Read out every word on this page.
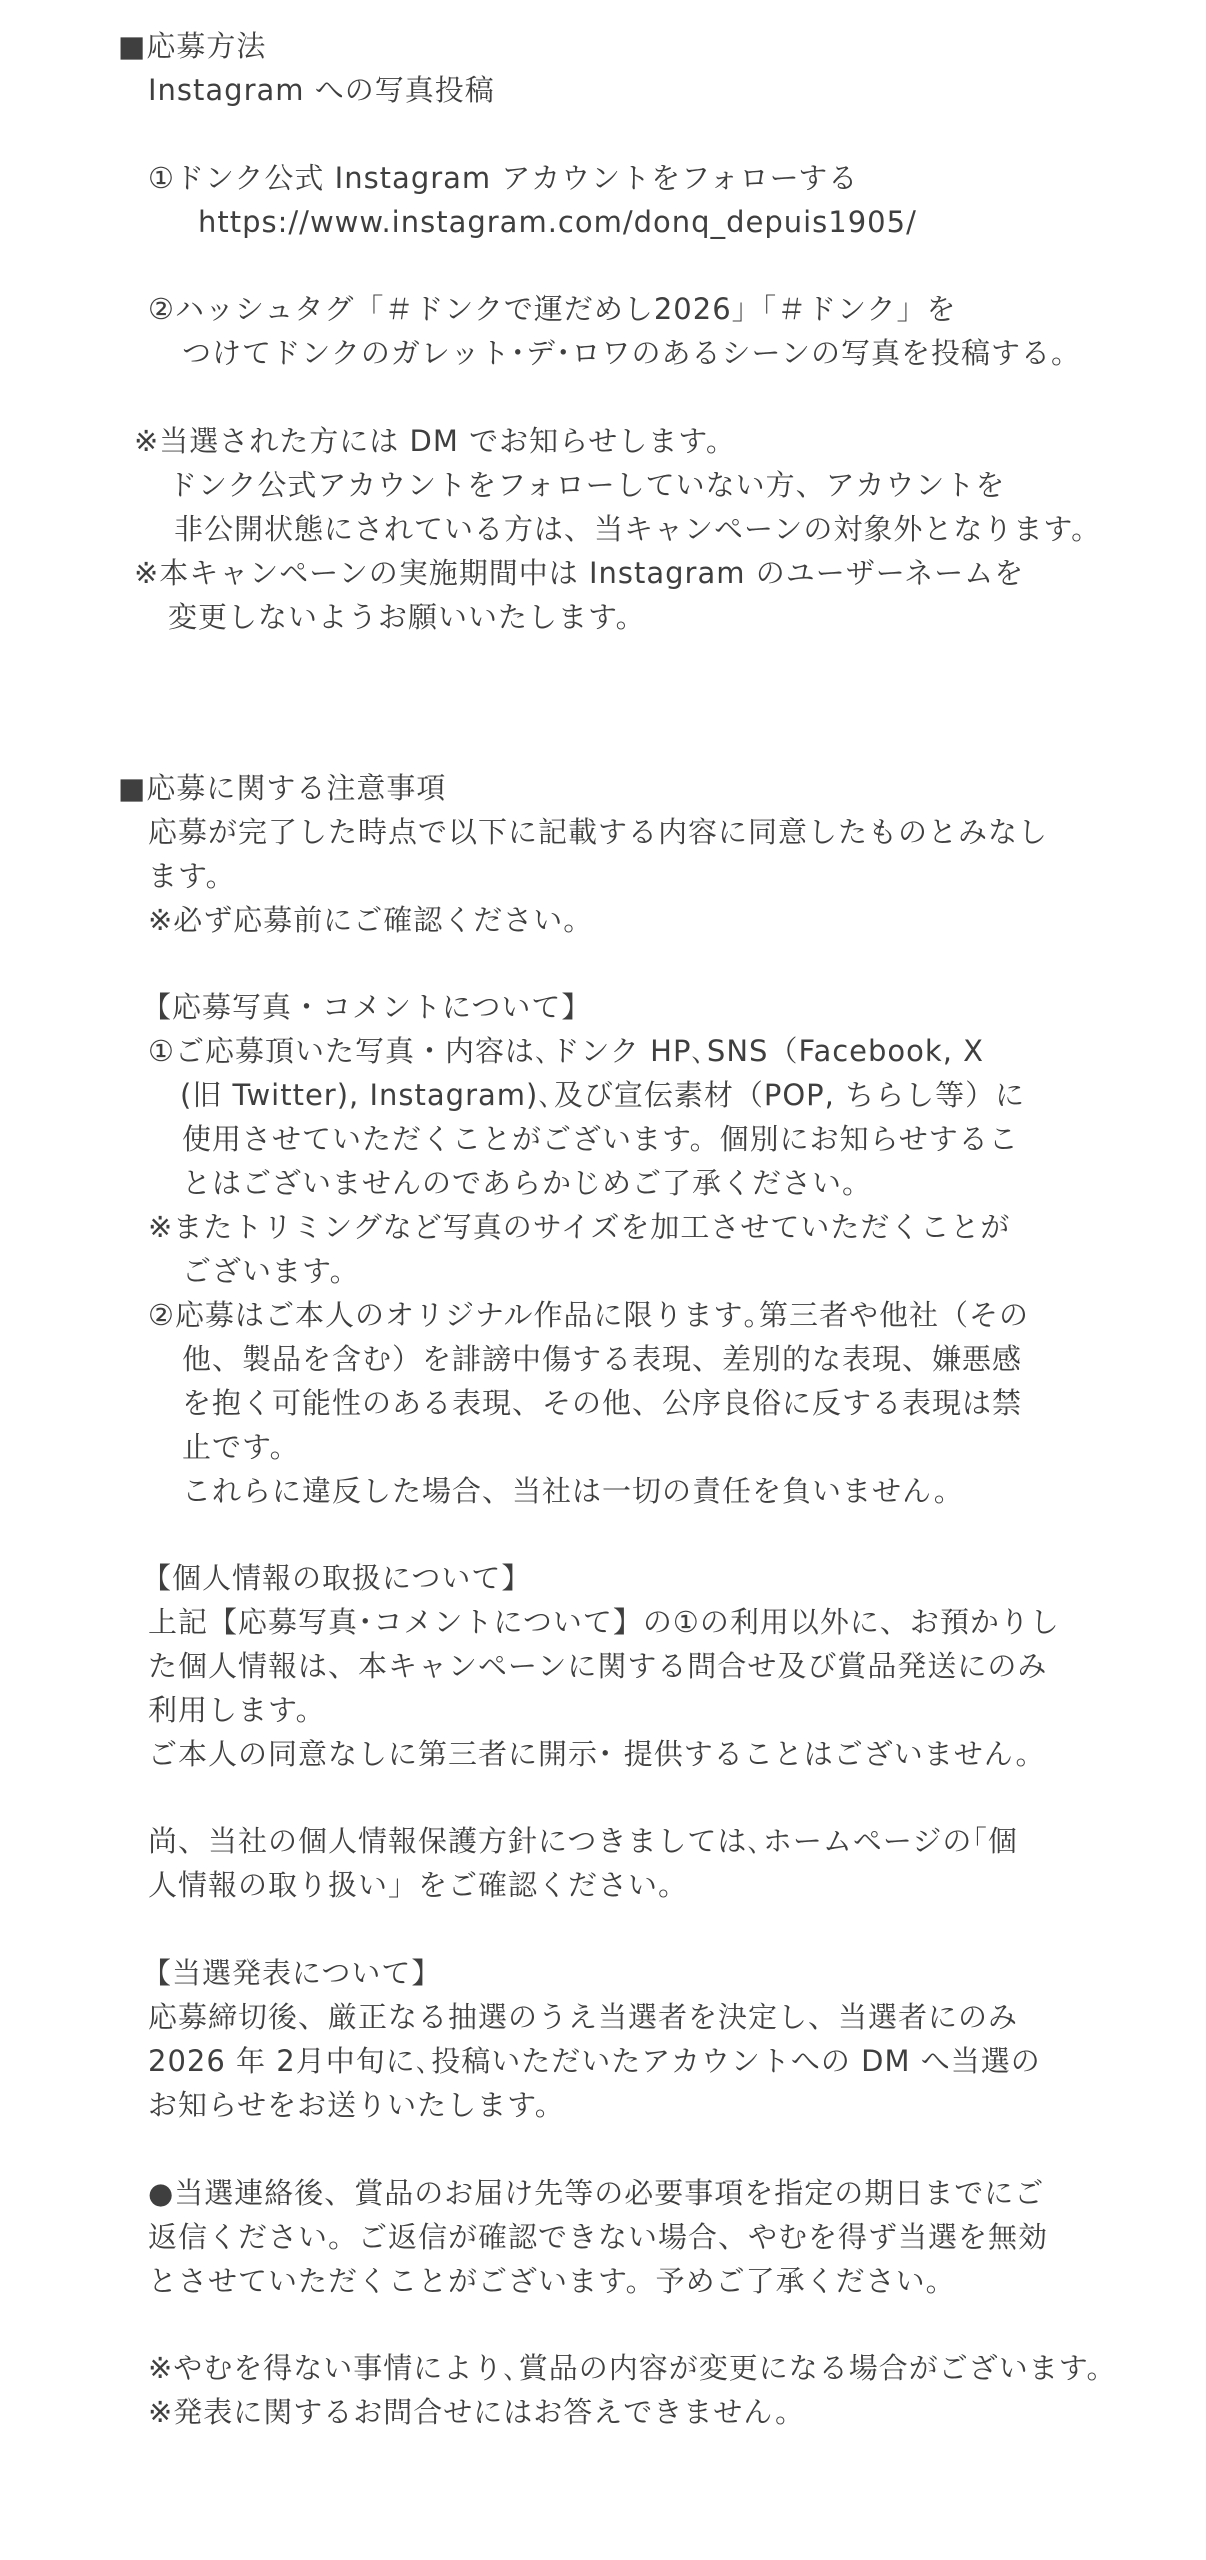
■応募方法
Instagram への写真投稿
①ドンク公式 Instagram アカウントをフォローする
https://www.instagram.com/donq_depuis1905/
②ハッシュタグ「＃ドンクで運だめし2026」「＃ドンク」を
つけてドンクのガレット･デ･ロワのあるシーンの写真を投稿する。
※当選された方には DM でお知らせします。
ドンク公式アカウントをフォローしていない方、アカウントを
非公開状態にされている方は、当キャンペーンの対象外となります。
※本キャンペーンの実施期間中は Instagram のユーザーネームを
変更しないようお願いいたします。
■応募に関する注意事項
応募が完了した時点で以下に記載する内容に同意したものとみなし
ます。
※必ず応募前にご確認ください。
【応募写真・コメントについて】
①ご応募頂いた写真・内容は､ドンク HP､SNS（Facebook, X
(旧 Twitter), Instagram)､及び宣伝素材（POP, ちらし等）に
使用させていただくことがございます。個別にお知らせするこ
とはございませんのであらかじめご了承ください。
※またトリミングなど写真のサイズを加工させていただくことが
ございます。
②応募はご本人のオリジナル作品に限ります｡第三者や他社（その
他、製品を含む）を誹謗中傷する表現、差別的な表現、嫌悪感
を抱く可能性のある表現、その他、公序良俗に反する表現は禁
止です。
これらに違反した場合、当社は一切の責任を負いません。
【個人情報の取扱について】
上記【応募写真･コメントについて】の①の利用以外に、お預かりし
た個人情報は、本キャンペーンに関する問合せ及び賞品発送にのみ
利用します。
ご本人の同意なしに第三者に開示･ 提供することはございません。
尚、当社の個人情報保護方針につきましては､ホームページの｢個
人情報の取り扱い」をご確認ください。
【当選発表について】
応募締切後、厳正なる抽選のうえ当選者を決定し、当選者にのみ
2026 年 2月中旬に､投稿いただいたアカウントへの DM へ当選の
お知らせをお送りいたします。
●当選連絡後、賞品のお届け先等の必要事項を指定の期日までにご
返信ください。ご返信が確認できない場合、やむを得ず当選を無効
とさせていただくことがございます。予めご了承ください。
※やむを得ない事情により､賞品の内容が変更になる場合がございます。
※発表に関するお問合せにはお答えできません。
